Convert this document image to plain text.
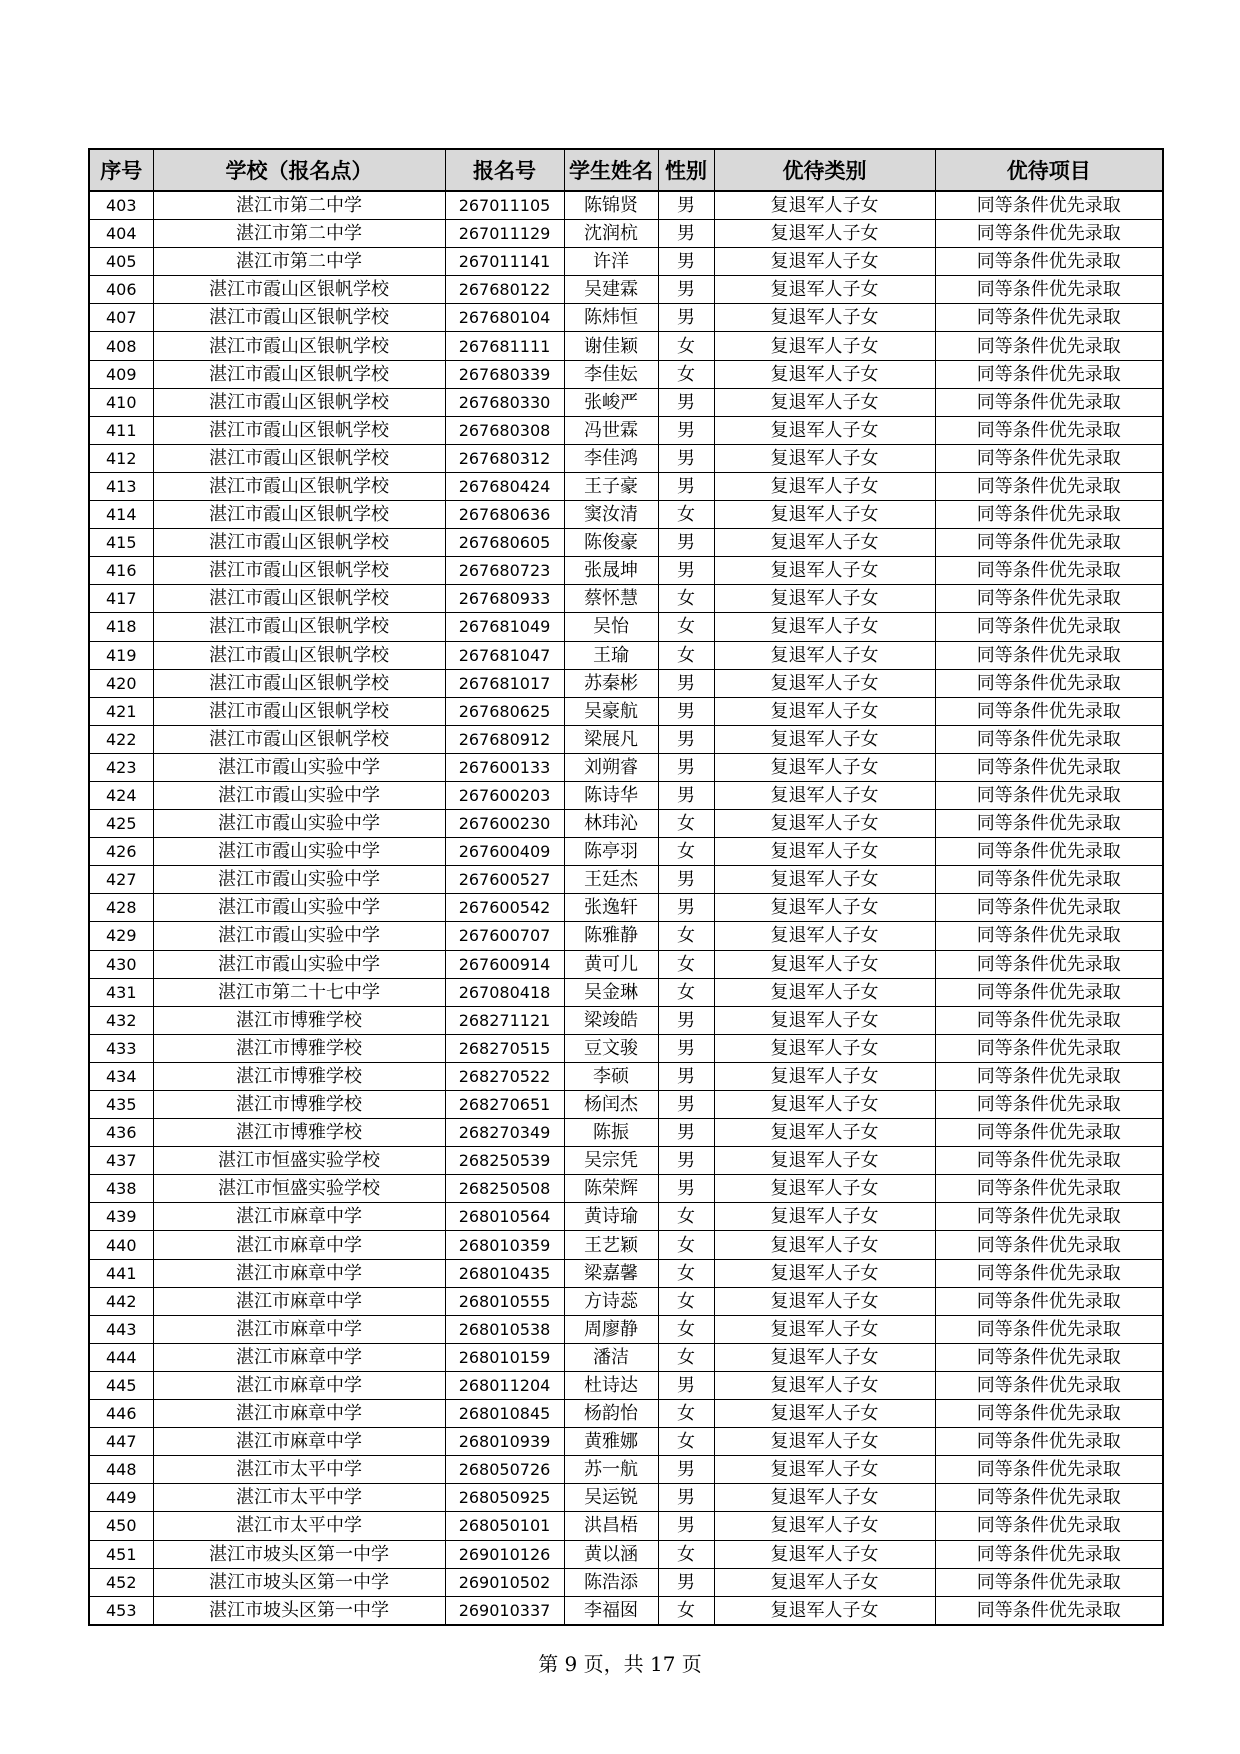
序号	学校（报名点）	报名号	学生姓名	性别	优待类别	优待项目
403	湛江市第二中学	267011105	陈锦贤	男	复退军人子女	同等条件优先录取
404	湛江市第二中学	267011129	沈润杭	男	复退军人子女	同等条件优先录取
405	湛江市第二中学	267011141	许洋	男	复退军人子女	同等条件优先录取
406	湛江市霞山区银帆学校	267680122	吴建霖	男	复退军人子女	同等条件优先录取
407	湛江市霞山区银帆学校	267680104	陈炜恒	男	复退军人子女	同等条件优先录取
408	湛江市霞山区银帆学校	267681111	谢佳颖	女	复退军人子女	同等条件优先录取
409	湛江市霞山区银帆学校	267680339	李佳妘	女	复退军人子女	同等条件优先录取
410	湛江市霞山区银帆学校	267680330	张峻严	男	复退军人子女	同等条件优先录取
411	湛江市霞山区银帆学校	267680308	冯世霖	男	复退军人子女	同等条件优先录取
412	湛江市霞山区银帆学校	267680312	李佳鸿	男	复退军人子女	同等条件优先录取
413	湛江市霞山区银帆学校	267680424	王子豪	男	复退军人子女	同等条件优先录取
414	湛江市霞山区银帆学校	267680636	窦汝清	女	复退军人子女	同等条件优先录取
415	湛江市霞山区银帆学校	267680605	陈俊豪	男	复退军人子女	同等条件优先录取
416	湛江市霞山区银帆学校	267680723	张晟坤	男	复退军人子女	同等条件优先录取
417	湛江市霞山区银帆学校	267680933	蔡怀慧	女	复退军人子女	同等条件优先录取
418	湛江市霞山区银帆学校	267681049	吴怡	女	复退军人子女	同等条件优先录取
419	湛江市霞山区银帆学校	267681047	王瑜	女	复退军人子女	同等条件优先录取
420	湛江市霞山区银帆学校	267681017	苏秦彬	男	复退军人子女	同等条件优先录取
421	湛江市霞山区银帆学校	267680625	吴豪航	男	复退军人子女	同等条件优先录取
422	湛江市霞山区银帆学校	267680912	梁展凡	男	复退军人子女	同等条件优先录取
423	湛江市霞山实验中学	267600133	刘朔睿	男	复退军人子女	同等条件优先录取
424	湛江市霞山实验中学	267600203	陈诗华	男	复退军人子女	同等条件优先录取
425	湛江市霞山实验中学	267600230	林玮沁	女	复退军人子女	同等条件优先录取
426	湛江市霞山实验中学	267600409	陈亭羽	女	复退军人子女	同等条件优先录取
427	湛江市霞山实验中学	267600527	王廷杰	男	复退军人子女	同等条件优先录取
428	湛江市霞山实验中学	267600542	张逸轩	男	复退军人子女	同等条件优先录取
429	湛江市霞山实验中学	267600707	陈雅静	女	复退军人子女	同等条件优先录取
430	湛江市霞山实验中学	267600914	黄可儿	女	复退军人子女	同等条件优先录取
431	湛江市第二十七中学	267080418	吴金琳	女	复退军人子女	同等条件优先录取
432	湛江市博雅学校	268271121	梁竣皓	男	复退军人子女	同等条件优先录取
433	湛江市博雅学校	268270515	豆文骏	男	复退军人子女	同等条件优先录取
434	湛江市博雅学校	268270522	李硕	男	复退军人子女	同等条件优先录取
435	湛江市博雅学校	268270651	杨闰杰	男	复退军人子女	同等条件优先录取
436	湛江市博雅学校	268270349	陈振	男	复退军人子女	同等条件优先录取
437	湛江市恒盛实验学校	268250539	吴宗凭	男	复退军人子女	同等条件优先录取
438	湛江市恒盛实验学校	268250508	陈荣辉	男	复退军人子女	同等条件优先录取
439	湛江市麻章中学	268010564	黄诗瑜	女	复退军人子女	同等条件优先录取
440	湛江市麻章中学	268010359	王艺颖	女	复退军人子女	同等条件优先录取
441	湛江市麻章中学	268010435	梁嘉馨	女	复退军人子女	同等条件优先录取
442	湛江市麻章中学	268010555	方诗蕊	女	复退军人子女	同等条件优先录取
443	湛江市麻章中学	268010538	周廖静	女	复退军人子女	同等条件优先录取
444	湛江市麻章中学	268010159	潘洁	女	复退军人子女	同等条件优先录取
445	湛江市麻章中学	268011204	杜诗达	男	复退军人子女	同等条件优先录取
446	湛江市麻章中学	268010845	杨韵怡	女	复退军人子女	同等条件优先录取
447	湛江市麻章中学	268010939	黄雅娜	女	复退军人子女	同等条件优先录取
448	湛江市太平中学	268050726	苏一航	男	复退军人子女	同等条件优先录取
449	湛江市太平中学	268050925	吴运锐	男	复退军人子女	同等条件优先录取
450	湛江市太平中学	268050101	洪昌梧	男	复退军人子女	同等条件优先录取
451	湛江市坡头区第一中学	269010126	黄以涵	女	复退军人子女	同等条件优先录取
452	湛江市坡头区第一中学	269010502	陈浩添	男	复退军人子女	同等条件优先录取
453	湛江市坡头区第一中学	269010337	李福囡	女	复退军人子女	同等条件优先录取
第 9 页，共 17 页
